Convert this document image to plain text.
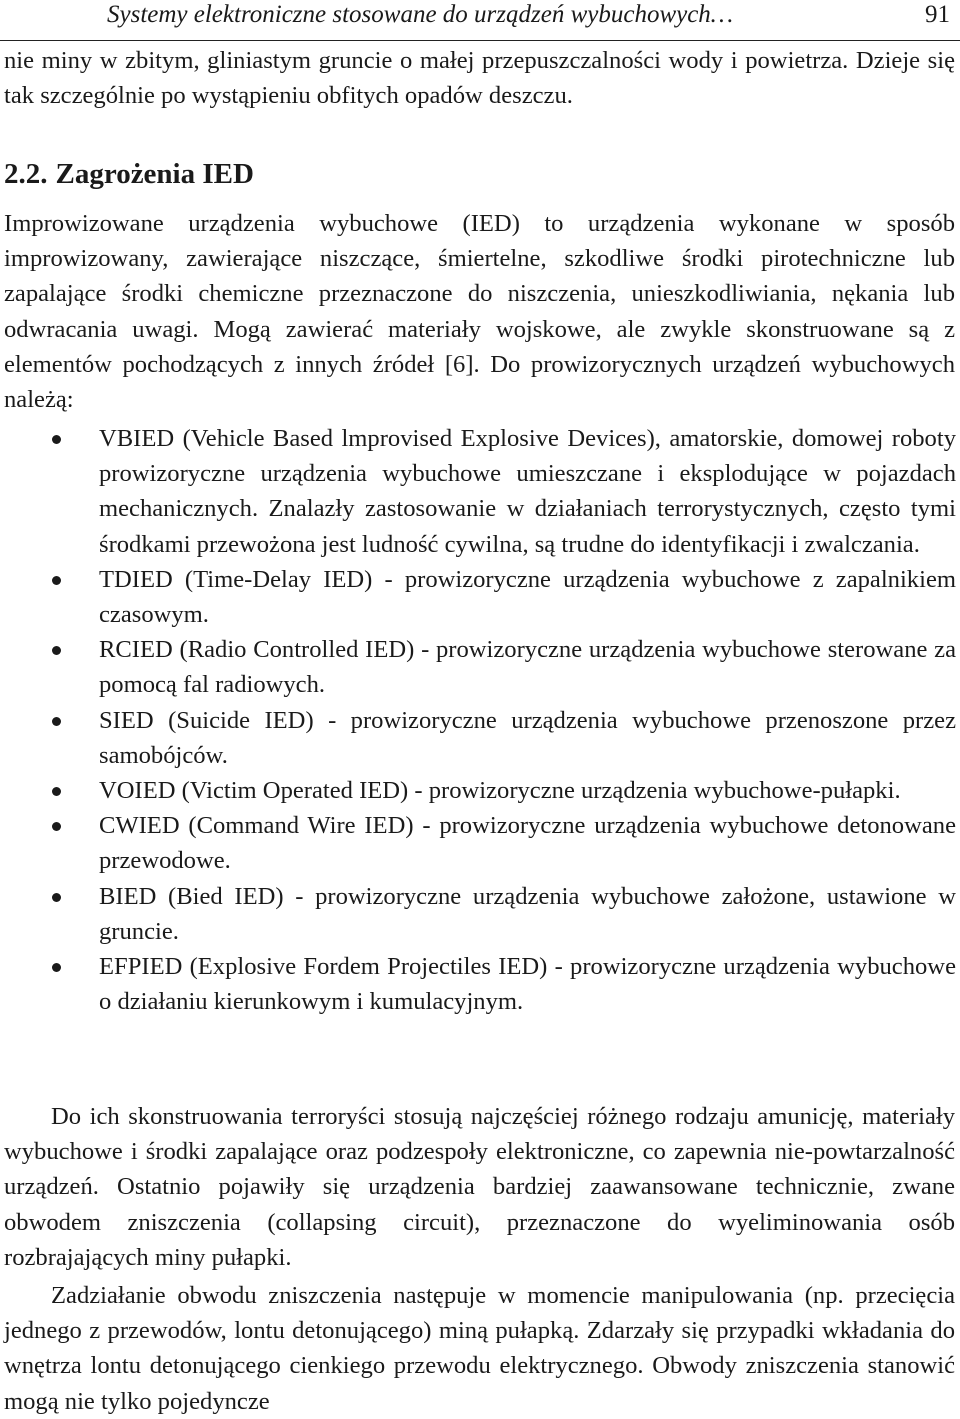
Systemy elektroniczne stosowane do urządzeń wybuchowych…	91

nie miny w zbitym, gliniastym gruncie o małej przepuszczalności wody i powietrza. Dzieje się tak szczególnie po wystąpieniu obfitych opadów deszczu.

2.2. Zagrożenia IED

Improwizowane urządzenia wybuchowe (IED) to urządzenia wykonane w sposób improwizowany, zawierające niszczące, śmiertelne, szkodliwe środki pirotechniczne lub zapalające środki chemiczne przeznaczone do niszczenia, unieszkodliwiania, nękania lub odwracania uwagi. Mogą zawierać materiały wojskowe, ale zwykle skonstruowane są z elementów pochodzących z innych źródeł [6]. Do prowizorycznych urządzeń wybuchowych należą:

VBIED (Vehicle Based lmprovised Explosive Devices), amatorskie, domowej roboty prowizoryczne urządzenia wybuchowe umieszczane i eksplodujące w pojazdach mechanicznych. Znalazły zastosowanie w działaniach terrorystycznych, często tymi środkami przewożona jest ludność cywilna, są trudne do identyfikacji i zwalczania.
TDIED (Time-Delay IED) - prowizoryczne urządzenia wybuchowe z zapalnikiem czasowym.
RCIED (Radio Controlled IED) - prowizoryczne urządzenia wybuchowe sterowane za pomocą fal radiowych.
SIED (Suicide IED) - prowizoryczne urządzenia wybuchowe przenoszone przez samobójców.
VOIED (Victim Operated IED) - prowizoryczne urządzenia wybuchowe-pułapki.
CWIED (Command Wire IED) - prowizoryczne urządzenia wybuchowe detonowane przewodowe.
BIED (Bied IED) - prowizoryczne urządzenia wybuchowe założone, ustawione w gruncie.
EFPIED (Explosive Fordem Projectiles IED) - prowizoryczne urządzenia wybuchowe o działaniu kierunkowym i kumulacyjnym.

Do ich skonstruowania terroryści stosują najczęściej różnego rodzaju amunicję, materiały wybuchowe i środki zapalające oraz podzespoły elektroniczne, co zapewnia nie-powtarzalność urządzeń. Ostatnio pojawiły się urządzenia bardziej zaawansowane technicznie, zwane obwodem zniszczenia (collapsing circuit), przeznaczone do wyeliminowania osób rozbrajających miny pułapki.

Zadziałanie obwodu zniszczenia następuje w momencie manipulowania (np. przecięcia jednego z przewodów, lontu detonującego) miną pułapką. Zdarzały się przypadki wkładania do wnętrza lontu detonującego cienkiego przewodu elektrycznego. Obwody zniszczenia stanowić mogą nie tylko pojedyncze
